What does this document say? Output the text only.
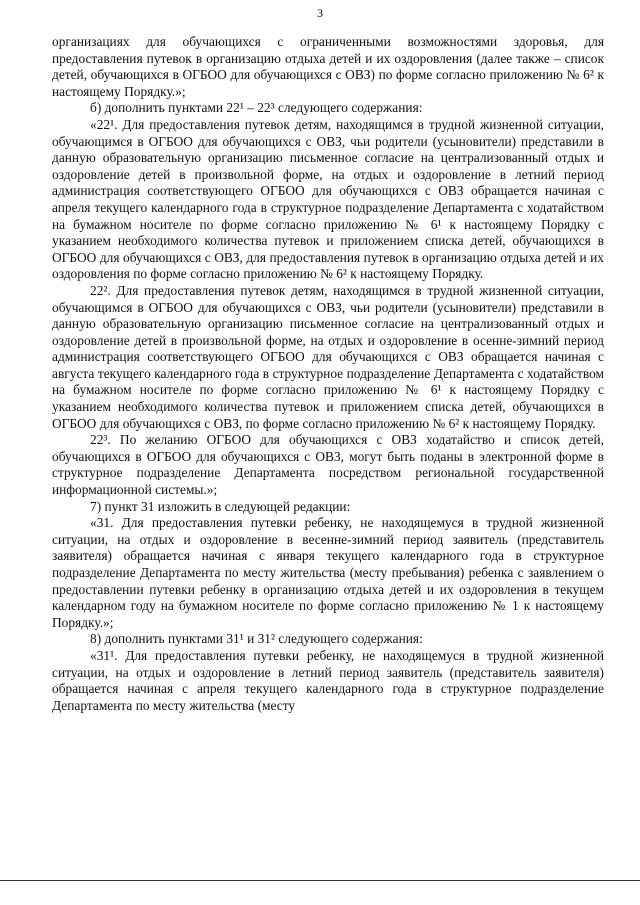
3

организациях для обучающихся с ограниченными возможностями здоровья, для предоставления путевок в организацию отдыха детей и их оздоровления (далее также – список детей, обучающихся в ОГБОО для обучающихся с ОВЗ) по форме согласно приложению № 6² к настоящему Порядку.»;

б) дополнить пунктами 22¹ – 22³ следующего содержания:

«22¹. Для предоставления путевок детям, находящимся в трудной жизненной ситуации, обучающимся в ОГБОО для обучающихся с ОВЗ, чьи родители (усыновители) представили в данную образовательную организацию письменное согласие на централизованный отдых и оздоровление детей в произвольной форме, на отдых и оздоровление в летний период администрация соответствующего ОГБОО для обучающихся с ОВЗ обращается начиная с апреля текущего календарного года в структурное подразделение Департамента с ходатайством на бумажном носителе по форме согласно приложению № 6¹ к настоящему Порядку с указанием необходимого количества путевок и приложением списка детей, обучающихся в ОГБОО для обучающихся с ОВЗ, для предоставления путевок в организацию отдыха детей и их оздоровления по форме согласно приложению № 6² к настоящему Порядку.

22². Для предоставления путевок детям, находящимся в трудной жизненной ситуации, обучающимся в ОГБОО для обучающихся с ОВЗ, чьи родители (усыновители) представили в данную образовательную организацию письменное согласие на централизованный отдых и оздоровление детей в произвольной форме, на отдых и оздоровление в осенне-зимний период администрация соответствующего ОГБОО для обучающихся с ОВЗ обращается начиная с августа текущего календарного года в структурное подразделение Департамента с ходатайством на бумажном носителе по форме согласно приложению № 6¹ к настоящему Порядку с указанием необходимого количества путевок и приложением списка детей, обучающихся в ОГБОО для обучающихся с ОВЗ, по форме согласно приложению № 6² к настоящему Порядку.

22³. По желанию ОГБОО для обучающихся с ОВЗ ходатайство и список детей, обучающихся в ОГБОО для обучающихся с ОВЗ, могут быть поданы в электронной форме в структурное подразделение Департамента посредством региональной государственной информационной системы.»;

7) пункт 31 изложить в следующей редакции:

«31. Для предоставления путевки ребенку, не находящемуся в трудной жизненной ситуации, на отдых и оздоровление в весенне-зимний период заявитель (представитель заявителя) обращается начиная с января текущего календарного года в структурное подразделение Департамента по месту жительства (месту пребывания) ребенка с заявлением о предоставлении путевки ребенку в организацию отдыха детей и их оздоровления в текущем календарном году на бумажном носителе по форме согласно приложению № 1 к настоящему Порядку.»;

8) дополнить пунктами 31¹ и 31² следующего содержания:

«31¹. Для предоставления путевки ребенку, не находящемуся в трудной жизненной ситуации, на отдых и оздоровление в летний период заявитель (представитель заявителя) обращается начиная с апреля текущего календарного года в структурное подразделение Департамента по месту жительства (месту
